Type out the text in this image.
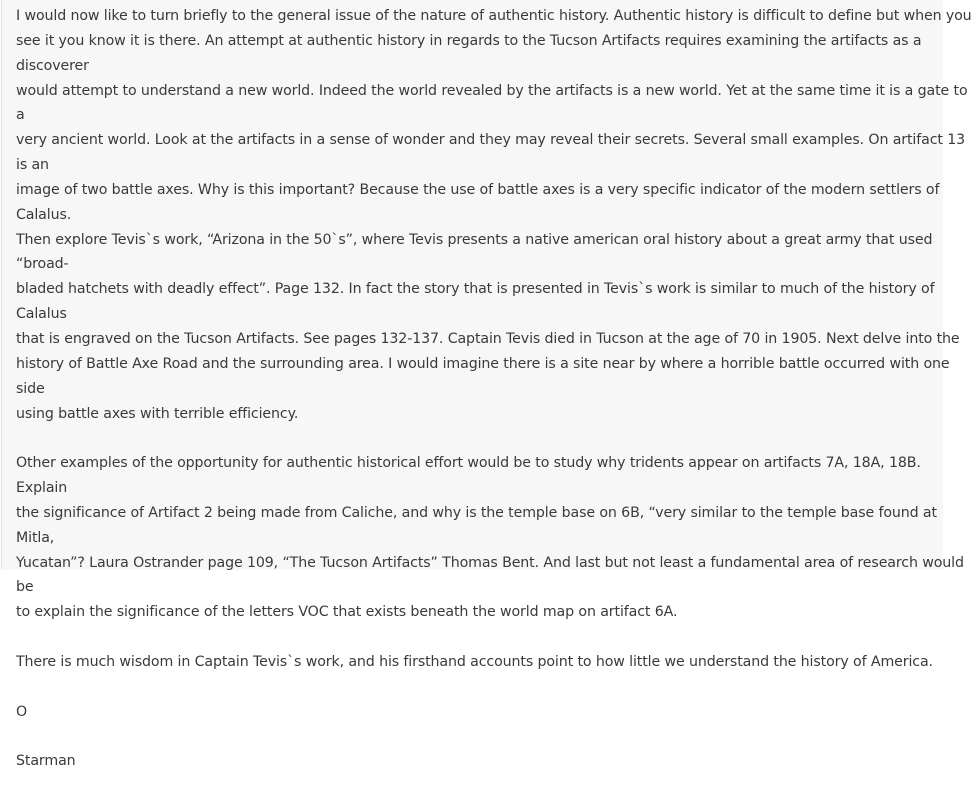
I would now like to turn briefly to the general issue of the nature of authentic history. Authentic history is difficult to define but when you
see it you know it is there. An attempt at authentic history in regards to the Tucson Artifacts requires examining the artifacts as a discoverer
would attempt to understand a new world. Indeed the world revealed by the artifacts is a new world. Yet at the same time it is a gate to a
very ancient world. Look at the artifacts in a sense of wonder and they may reveal their secrets. Several small examples. On artifact 13 is an
image of two battle axes. Why is this important? Because the use of battle axes is a very specific indicator of the modern settlers of Calalus.
Then explore Tevis`s work, “Arizona in the 50`s”, where Tevis presents a native american oral history about a great army that used “broad-
bladed hatchets with deadly effect”. Page 132. In fact the story that is presented in Tevis`s work is similar to much of the history of Calalus
that is engraved on the Tucson Artifacts. See pages 132-137. Captain Tevis died in Tucson at the age of 70 in 1905. Next delve into the
history of Battle Axe Road and the surrounding area. I would imagine there is a site near by where a horrible battle occurred with one side
using battle axes with terrible efficiency.

Other examples of the opportunity for authentic historical effort would be to study why tridents appear on artifacts 7A, 18A, 18B. Explain
the significance of Artifact 2 being made from Caliche, and why is the temple base on 6B, “very similar to the temple base found at Mitla,
Yucatan”? Laura Ostrander page 109, “The Tucson Artifacts” Thomas Bent. And last but not least a fundamental area of research would be
to explain the significance of the letters VOC that exists beneath the world map on artifact 6A.

There is much wisdom in Captain Tevis`s work, and his firsthand accounts point to how little we understand the history of America.

O

Starman
